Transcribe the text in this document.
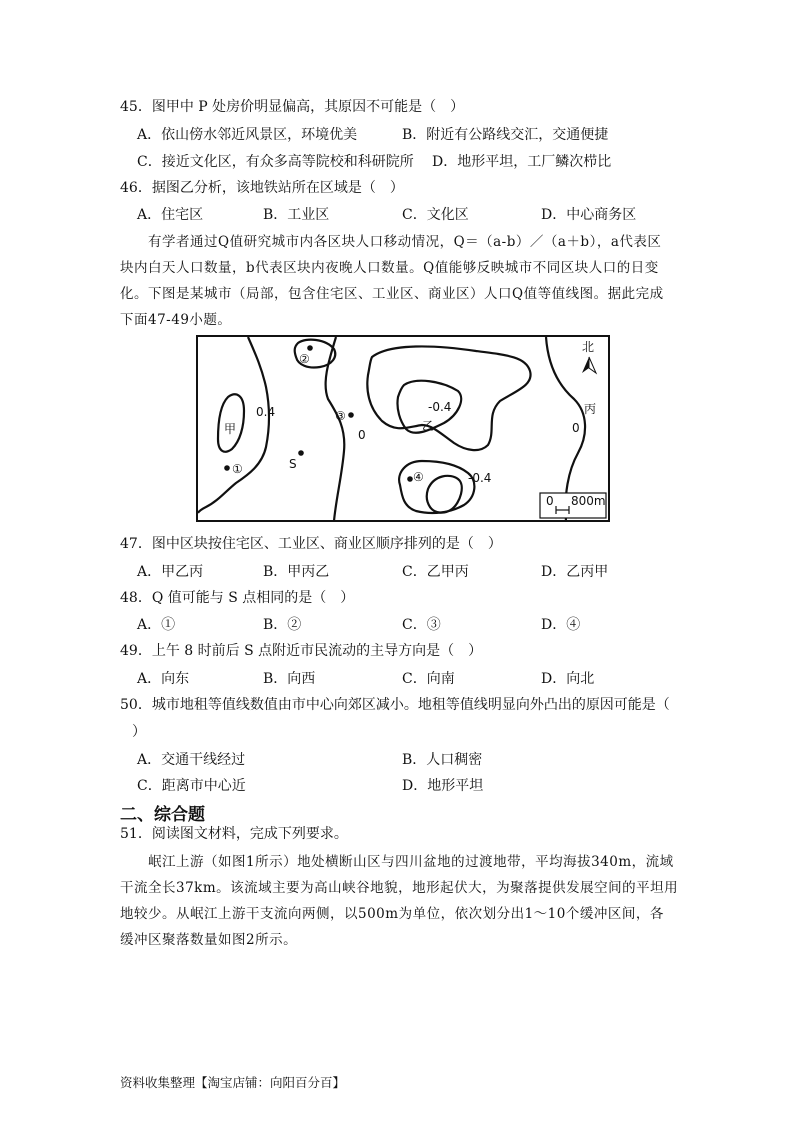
45．图甲中 P 处房价明显偏高，其原因不可能是（　）
A．依山傍水邻近风景区，环境优美	B．附近有公路线交汇，交通便捷
C．接近文化区，有众多高等院校和科研院所 D．地形平坦，工厂鳞次栉比
46．据图乙分析，该地铁站所在区域是（　）
A．住宅区	B．工业区	C．文化区	D．中心商务区
有学者通过Q值研究城市内各区块人口移动情况，Q＝（a-b）／（a＋b），a代表区
块内白天人口数量，b代表区块内夜晚人口数量。Q值能够反映城市不同区块人口的日变
化。下图是某城市（局部，包含住宅区、工业区、商业区）人口Q值等值线图。据此完成
下面47-49小题。
②
③
S
①
④
甲	乙
丙
0.4	-0.4
-0.4
0	0
北
0 800m
47．图中区块按住宅区、工业区、商业区顺序排列的是（　）
A．甲乙丙	B．甲丙乙	C．乙甲丙	D．乙丙甲
48．Q 值可能与 S 点相同的是（　）
A．①	B．②	C．③	D．④
49．上午 8 时前后 S 点附近市民流动的主导方向是（　）
A．向东	B．向西	C．向南	D．向北
50．城市地租等值线数值由市中心向郊区减小。地租等值线明显向外凸出的原因可能是（
）
A．交通干线经过	B．人口稠密
C．距离市中心近	D．地形平坦
二、综合题
51．阅读图文材料，完成下列要求。
岷江上游（如图1所示）地处横断山区与四川盆地的过渡地带，平均海拔340m，流域
干流全长37km。该流域主要为高山峡谷地貌，地形起伏大，为聚落提供发展空间的平坦用
地较少。从岷江上游干支流向两侧，以500m为单位，依次划分出1～10个缓冲区间，各
缓冲区聚落数量如图2所示。
资料收集整理【淘宝店铺：向阳百分百】
